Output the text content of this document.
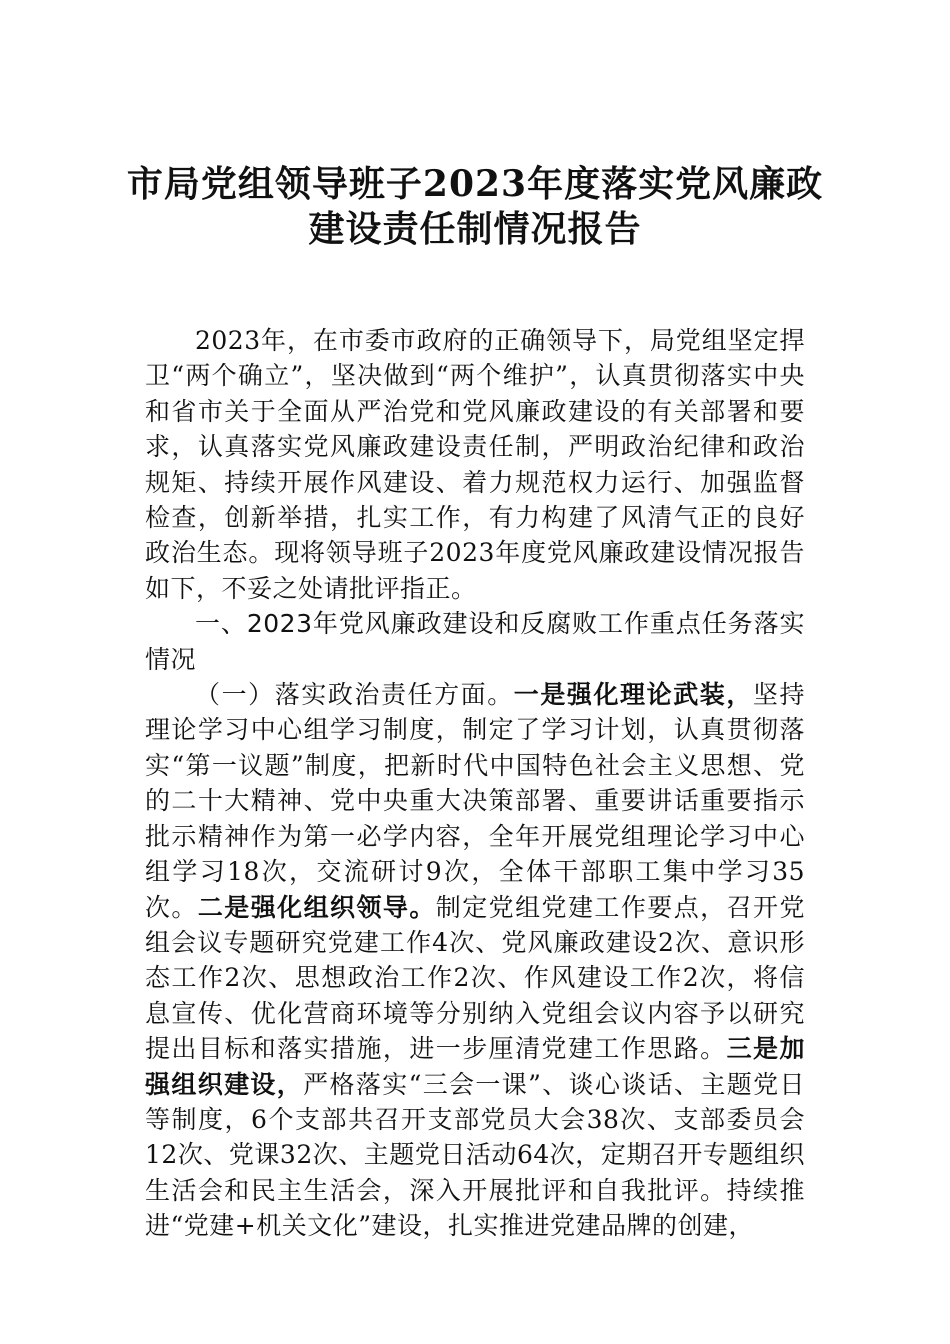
市局党组领导班子2023年度落实党风廉政
建设责任制情况报告

2023年，在市委市政府的正确领导下，局党组坚定捍卫“两个确立”，坚决做到“两个维护”，认真贯彻落实中央和省市关于全面从严治党和党风廉政建设的有关部署和要求，认真落实党风廉政建设责任制，严明政治纪律和政治规矩、持续开展作风建设、着力规范权力运行、加强监督检查，创新举措，扎实工作，有力构建了风清气正的良好政治生态。现将领导班子2023年度党风廉政建设情况报告如下，不妥之处请批评指正。

一、2023年党风廉政建设和反腐败工作重点任务落实情况

（一）落实政治责任方面。一是强化理论武装，坚持理论学习中心组学习制度，制定了学习计划，认真贯彻落实“第一议题”制度，把新时代中国特色社会主义思想、党的二十大精神、党中央重大决策部署、重要讲话重要指示批示精神作为第一必学内容，全年开展党组理论学习中心组学习18次，交流研讨9次，全体干部职工集中学习35次。二是强化组织领导。制定党组党建工作要点，召开党组会议专题研究党建工作4次、党风廉政建设2次、意识形态工作2次、思想政治工作2次、作风建设工作2次，将信息宣传、优化营商环境等分别纳入党组会议内容予以研究提出目标和落实措施，进一步厘清党建工作思路。三是加强组织建设，严格落实“三会一课”、谈心谈话、主题党日等制度，6个支部共召开支部党员大会38次、支部委员会12次、党课32次、主题党日活动64次，定期召开专题组织生活会和民主生活会，深入开展批评和自我批评。持续推进“党建+机关文化”建设，扎实推进党建品牌的创建，
